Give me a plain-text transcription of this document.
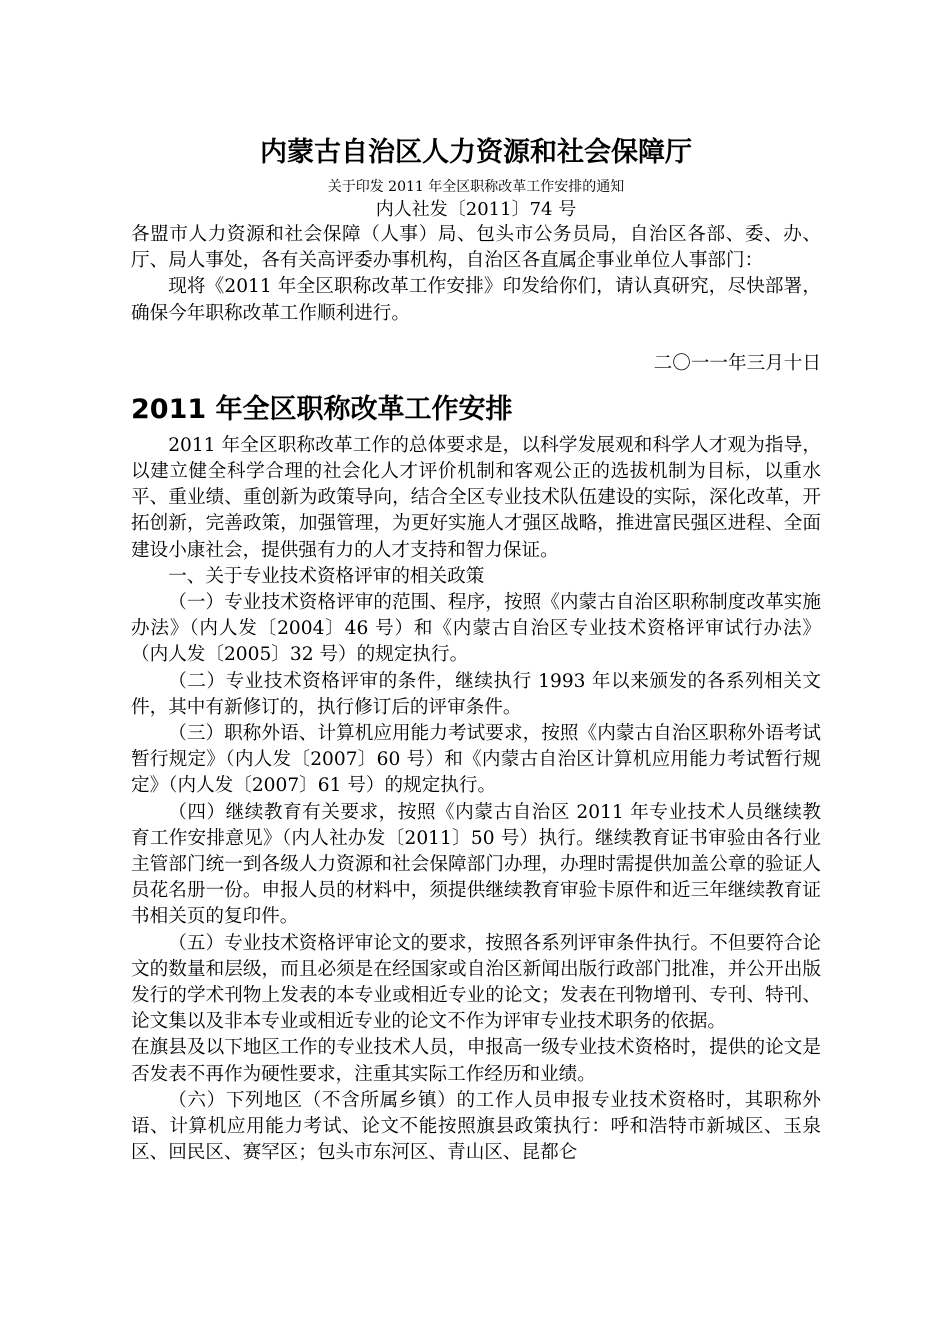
内蒙古自治区人力资源和社会保障厅

关于印发 2011 年全区职称改革工作安排的通知

内人社发〔2011〕74 号

各盟市人力资源和社会保障（人事）局、包头市公务员局，自治区各部、委、办、厅、局人事处，各有关高评委办事机构，自治区各直属企事业单位人事部门：

现将《2011 年全区职称改革工作安排》印发给你们，请认真研究，尽快部署，确保今年职称改革工作顺利进行。

二〇一一年三月十日

2011 年全区职称改革工作安排

2011 年全区职称改革工作的总体要求是，以科学发展观和科学人才观为指导，以建立健全科学合理的社会化人才评价机制和客观公正的选拔机制为目标，以重水平、重业绩、重创新为政策导向，结合全区专业技术队伍建设的实际，深化改革，开拓创新，完善政策，加强管理，为更好实施人才强区战略，推进富民强区进程、全面建设小康社会，提供强有力的人才支持和智力保证。

一、关于专业技术资格评审的相关政策

（一）专业技术资格评审的范围、程序，按照《内蒙古自治区职称制度改革实施办法》（内人发〔2004〕46 号）和《内蒙古自治区专业技术资格评审试行办法》（内人发〔2005〕32 号）的规定执行。

（二）专业技术资格评审的条件，继续执行 1993 年以来颁发的各系列相关文件，其中有新修订的，执行修订后的评审条件。

（三）职称外语、计算机应用能力考试要求，按照《内蒙古自治区职称外语考试暂行规定》（内人发〔2007〕60 号）和《内蒙古自治区计算机应用能力考试暂行规定》（内人发〔2007〕61 号）的规定执行。

（四）继续教育有关要求，按照《内蒙古自治区 2011 年专业技术人员继续教育工作安排意见》（内人社办发〔2011〕50 号）执行。继续教育证书审验由各行业主管部门统一到各级人力资源和社会保障部门办理，办理时需提供加盖公章的验证人员花名册一份。申报人员的材料中，须提供继续教育审验卡原件和近三年继续教育证书相关页的复印件。

（五）专业技术资格评审论文的要求，按照各系列评审条件执行。不但要符合论文的数量和层级，而且必须是在经国家或自治区新闻出版行政部门批准，并公开出版发行的学术刊物上发表的本专业或相近专业的论文；发表在刊物增刊、专刊、特刊、论文集以及非本专业或相近专业的论文不作为评审专业技术职务的依据。

在旗县及以下地区工作的专业技术人员，申报高一级专业技术资格时，提供的论文是否发表不再作为硬性要求，注重其实际工作经历和业绩。

（六）下列地区（不含所属乡镇）的工作人员申报专业技术资格时，其职称外语、计算机应用能力考试、论文不能按照旗县政策执行：呼和浩特市新城区、玉泉区、回民区、赛罕区；包头市东河区、青山区、昆都仑
